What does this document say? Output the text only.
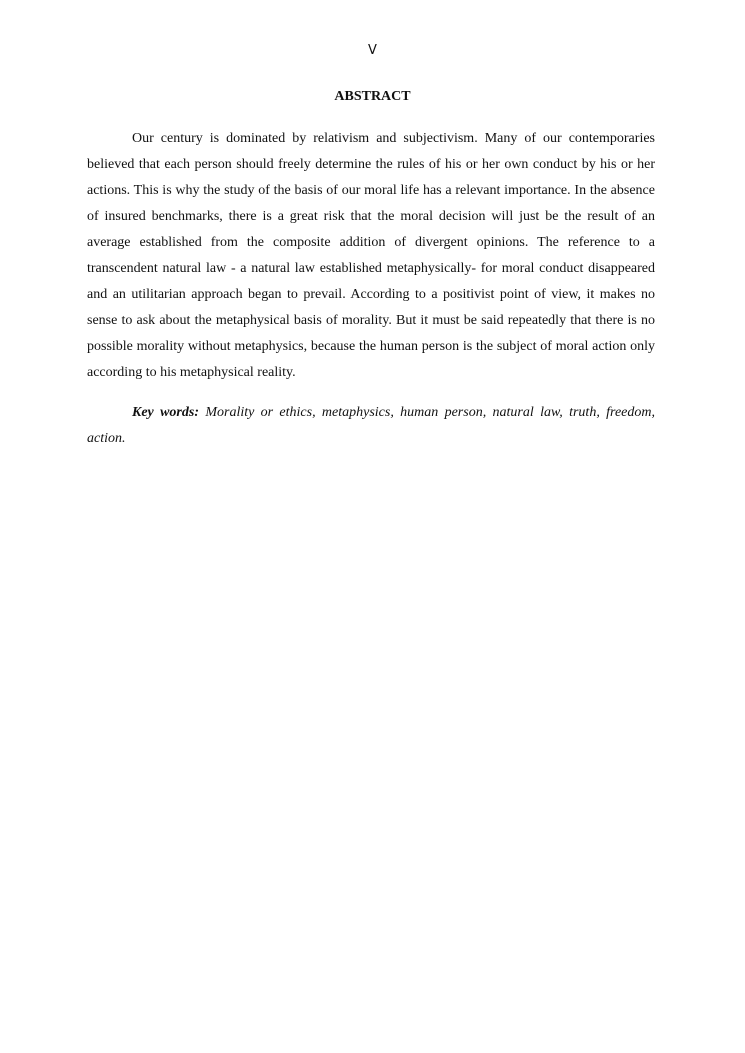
V
ABSTRACT

Our century is dominated by relativism and subjectivism. Many of our contemporaries believed that each person should freely determine the rules of his or her own conduct by his or her actions. This is why the study of the basis of our moral life has a relevant importance. In the absence of insured benchmarks, there is a great risk that the moral decision will just be the result of an average established from the composite addition of divergent opinions. The reference to a transcendent natural law - a natural law established metaphysically- for moral conduct disappeared and an utilitarian approach began to prevail. According to a positivist point of view, it makes no sense to ask about the metaphysical basis of morality. But it must be said repeatedly that there is no possible morality without metaphysics, because the human person is the subject of moral action only according to his metaphysical reality.

Key words: Morality or ethics, metaphysics, human person, natural law, truth, freedom, action.
